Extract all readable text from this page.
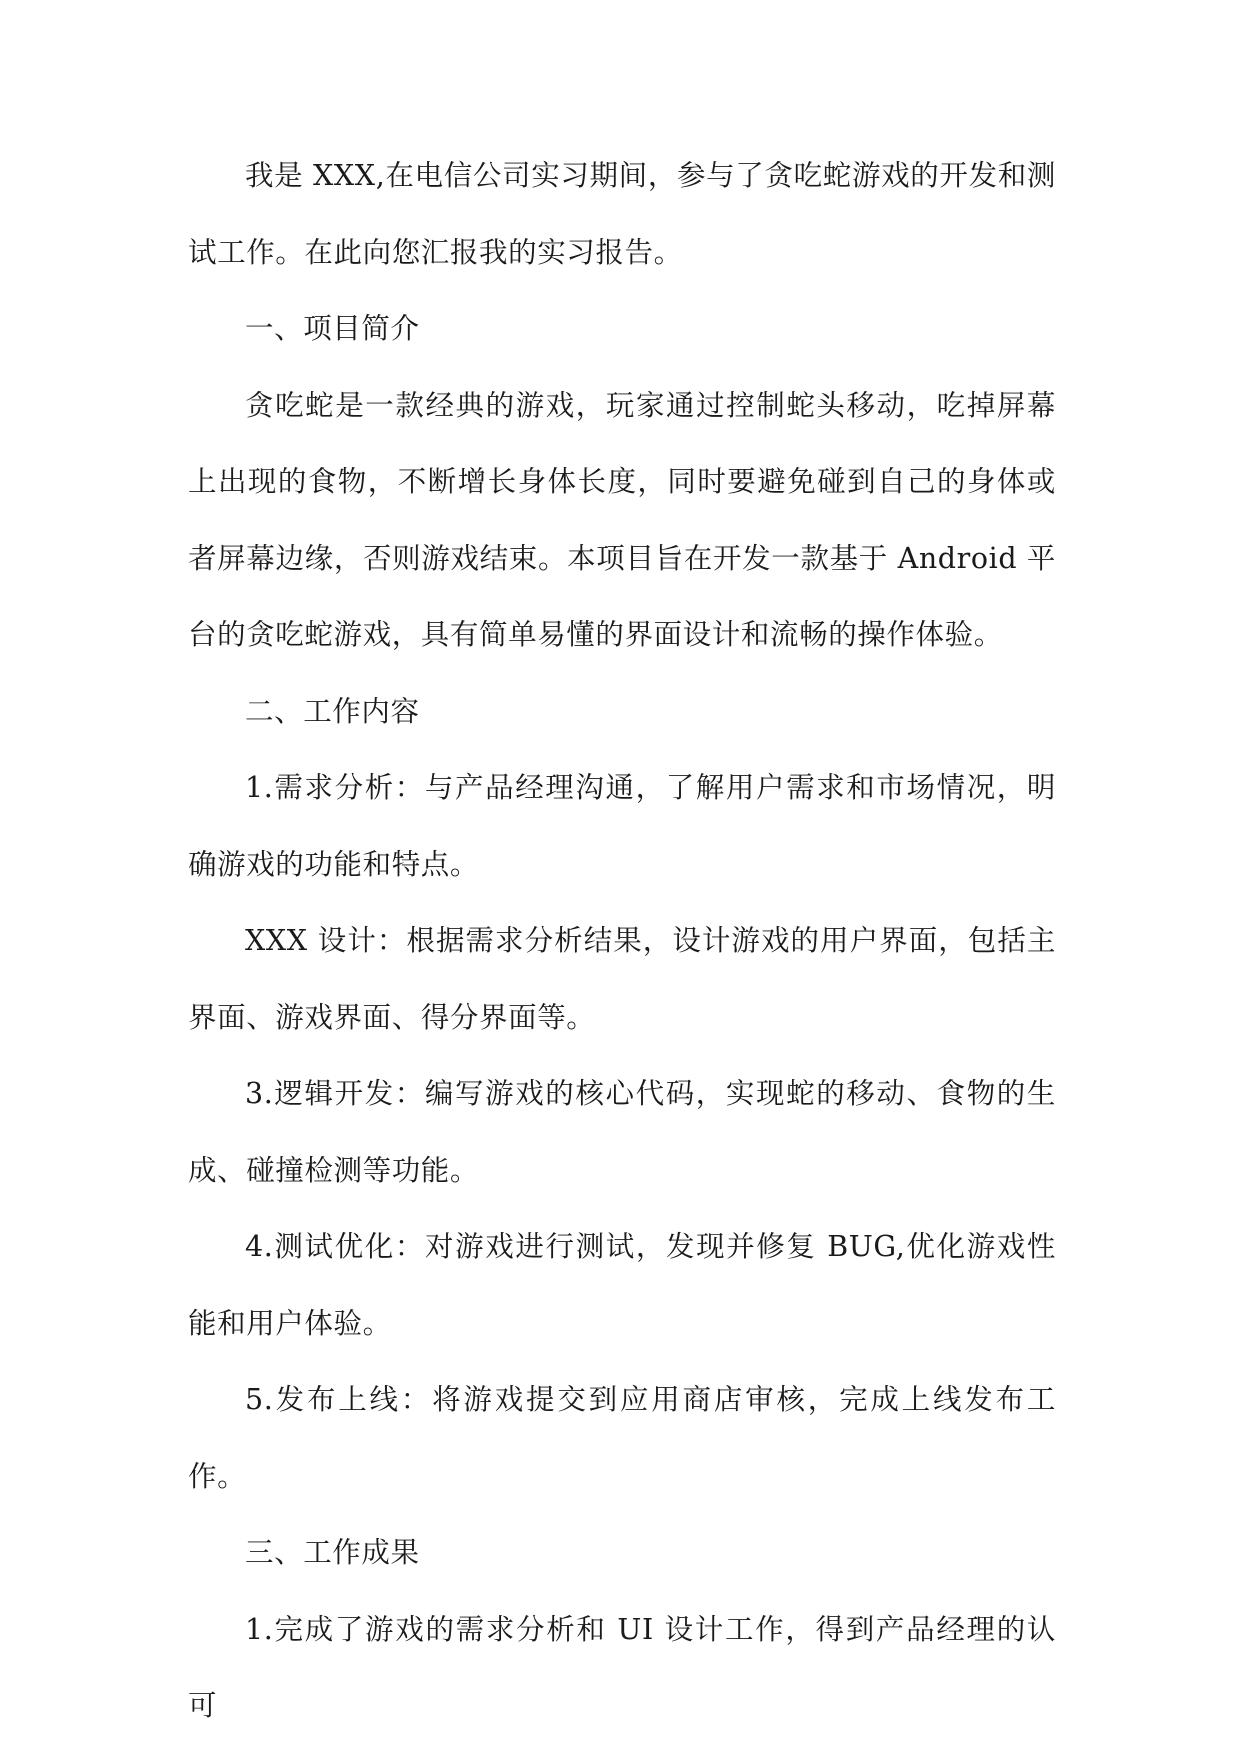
我是 XXX,在电信公司实习期间，参与了贪吃蛇游戏的开发和测试工作。在此向您汇报我的实习报告。

一、项目简介

贪吃蛇是一款经典的游戏，玩家通过控制蛇头移动，吃掉屏幕上出现的食物，不断增长身体长度，同时要避免碰到自己的身体或者屏幕边缘，否则游戏结束。本项目旨在开发一款基于 Android 平台的贪吃蛇游戏，具有简单易懂的界面设计和流畅的操作体验。

二、工作内容

1.需求分析：与产品经理沟通，了解用户需求和市场情况，明确游戏的功能和特点。

XXX 设计：根据需求分析结果，设计游戏的用户界面，包括主界面、游戏界面、得分界面等。

3.逻辑开发：编写游戏的核心代码，实现蛇的移动、食物的生成、碰撞检测等功能。

4.测试优化：对游戏进行测试，发现并修复 BUG,优化游戏性能和用户体验。

5.发布上线：将游戏提交到应用商店审核，完成上线发布工作。

三、工作成果

1.完成了游戏的需求分析和 UI 设计工作，得到产品经理的认可
